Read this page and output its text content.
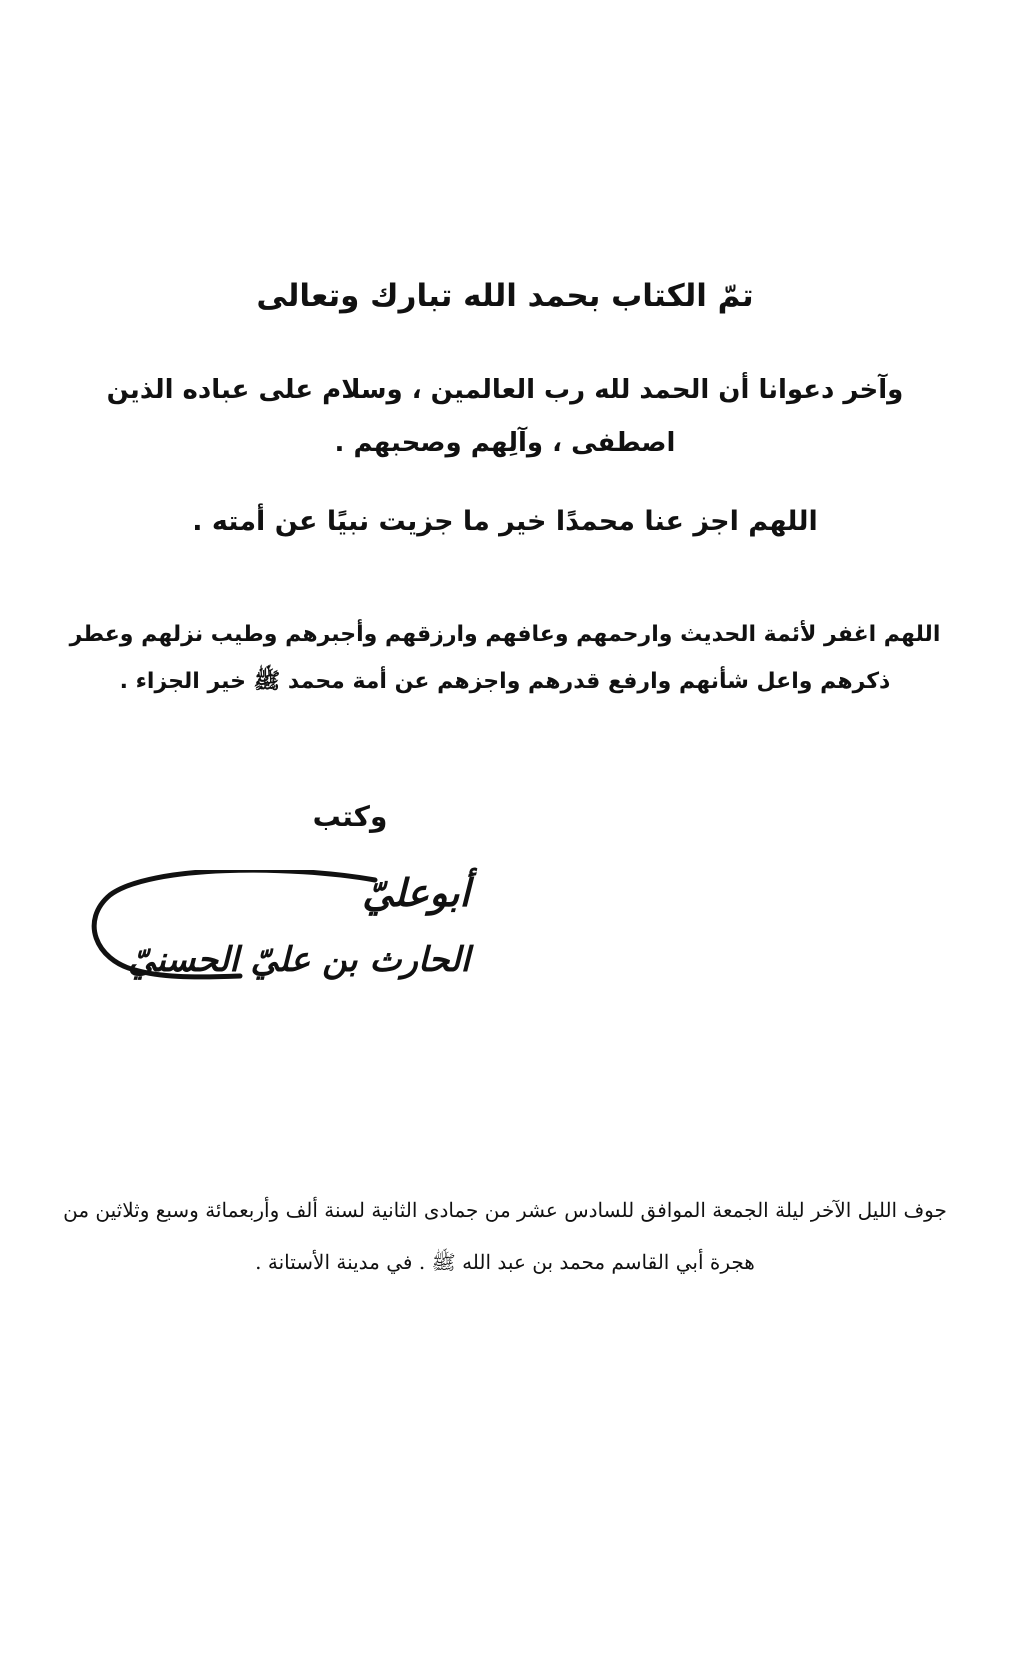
تمّ الكتاب بحمد الله تبارك وتعالى

وآخر دعوانا أن الحمد لله رب العالمين ، وسلام على عباده الذين

اصطفى ، وآلِهم وصحبهم .

اللهم اجز عنا محمدًا خير ما جزيت نبيًا عن أمته .

اللهم اغفر لأئمة الحديث وارحمهم وعافهم وارزقهم وأجبرهم وطيب نزلهم وعطر

ذكرهم واعل شأنهم وارفع قدرهم واجزهم عن أمة محمد ﷺ خير الجزاء .

وكتب

أبوعليّ
الحارث بن عليّ الحسنيّ

جوف الليل الآخر ليلة الجمعة الموافق للسادس عشر من جمادى الثانية لسنة ألف وأربعمائة وسبع وثلاثين من

هجرة أبي القاسم محمد بن عبد الله ﷺ . في مدينة الأستانة .
